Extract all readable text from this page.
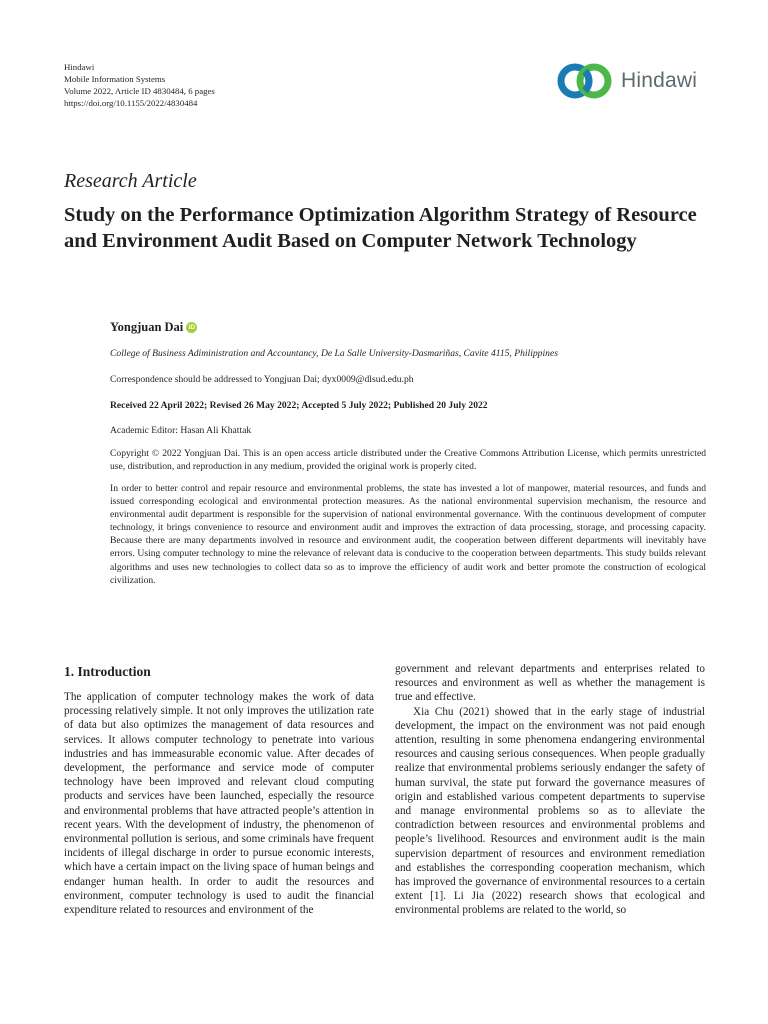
Hindawi
Mobile Information Systems
Volume 2022, Article ID 4830484, 6 pages
https://doi.org/10.1155/2022/4830484
Hindawi
Research Article
Study on the Performance Optimization Algorithm Strategy of Resource and Environment Audit Based on Computer Network Technology
Yongjuan Dai iD
College of Business Adiministration and Accountancy, De La Salle University-Dasmariñas, Cavite 4115, Philippines
Correspondence should be addressed to Yongjuan Dai; dyx0009@dlsud.edu.ph
Received 22 April 2022; Revised 26 May 2022; Accepted 5 July 2022; Published 20 July 2022
Academic Editor: Hasan Ali Khattak
Copyright © 2022 Yongjuan Dai. This is an open access article distributed under the Creative Commons Attribution License, which permits unrestricted use, distribution, and reproduction in any medium, provided the original work is properly cited.
In order to better control and repair resource and environmental problems, the state has invested a lot of manpower, material resources, and funds and issued corresponding ecological and environmental protection measures. As the national environmental supervision mechanism, the resource and environmental audit department is responsible for the supervision of national environmental governance. With the continuous development of computer technology, it brings convenience to resource and environment audit and improves the extraction of data processing, storage, and processing capacity. Because there are many departments involved in resource and environment audit, the cooperation between different departments will inevitably have errors. Using computer technology to mine the relevance of relevant data is conducive to the cooperation between departments. This study builds relevant algorithms and uses new technologies to collect data so as to improve the efficiency of audit work and better promote the construction of ecological civilization.
1. Introduction

The application of computer technology makes the work of data processing relatively simple. It not only improves the utilization rate of data but also optimizes the management of data resources and services. It allows computer technology to penetrate into various industries and has immeasurable economic value. After decades of development, the performance and service mode of computer technology have been improved and relevant cloud computing products and services have been launched, especially the resource and environmental problems that have attracted people’s attention in recent years. With the development of industry, the phenomenon of environmental pollution is serious, and some criminals have frequent incidents of illegal discharge in order to pursue economic interests, which have a certain impact on the living space of human beings and endanger human health. In order to audit the resources and environment, computer technology is used to audit the financial expenditure related to resources and environment of the

government and relevant departments and enterprises related to resources and environment as well as whether the management is true and effective.

Xia Chu (2021) showed that in the early stage of industrial development, the impact on the environment was not paid enough attention, resulting in some phenomena endangering environmental resources and causing serious consequences. When people gradually realize that environmental problems seriously endanger the safety of human survival, the state put forward the governance measures of origin and established various competent departments to supervise and manage environmental problems so as to alleviate the contradiction between resources and environmental problems and people’s livelihood. Resources and environment audit is the main supervision department of resources and environment remediation and establishes the corresponding cooperation mechanism, which has improved the governance of environmental resources to a certain extent [1]. Li Jia (2022) research shows that ecological and environmental problems are related to the world, so
